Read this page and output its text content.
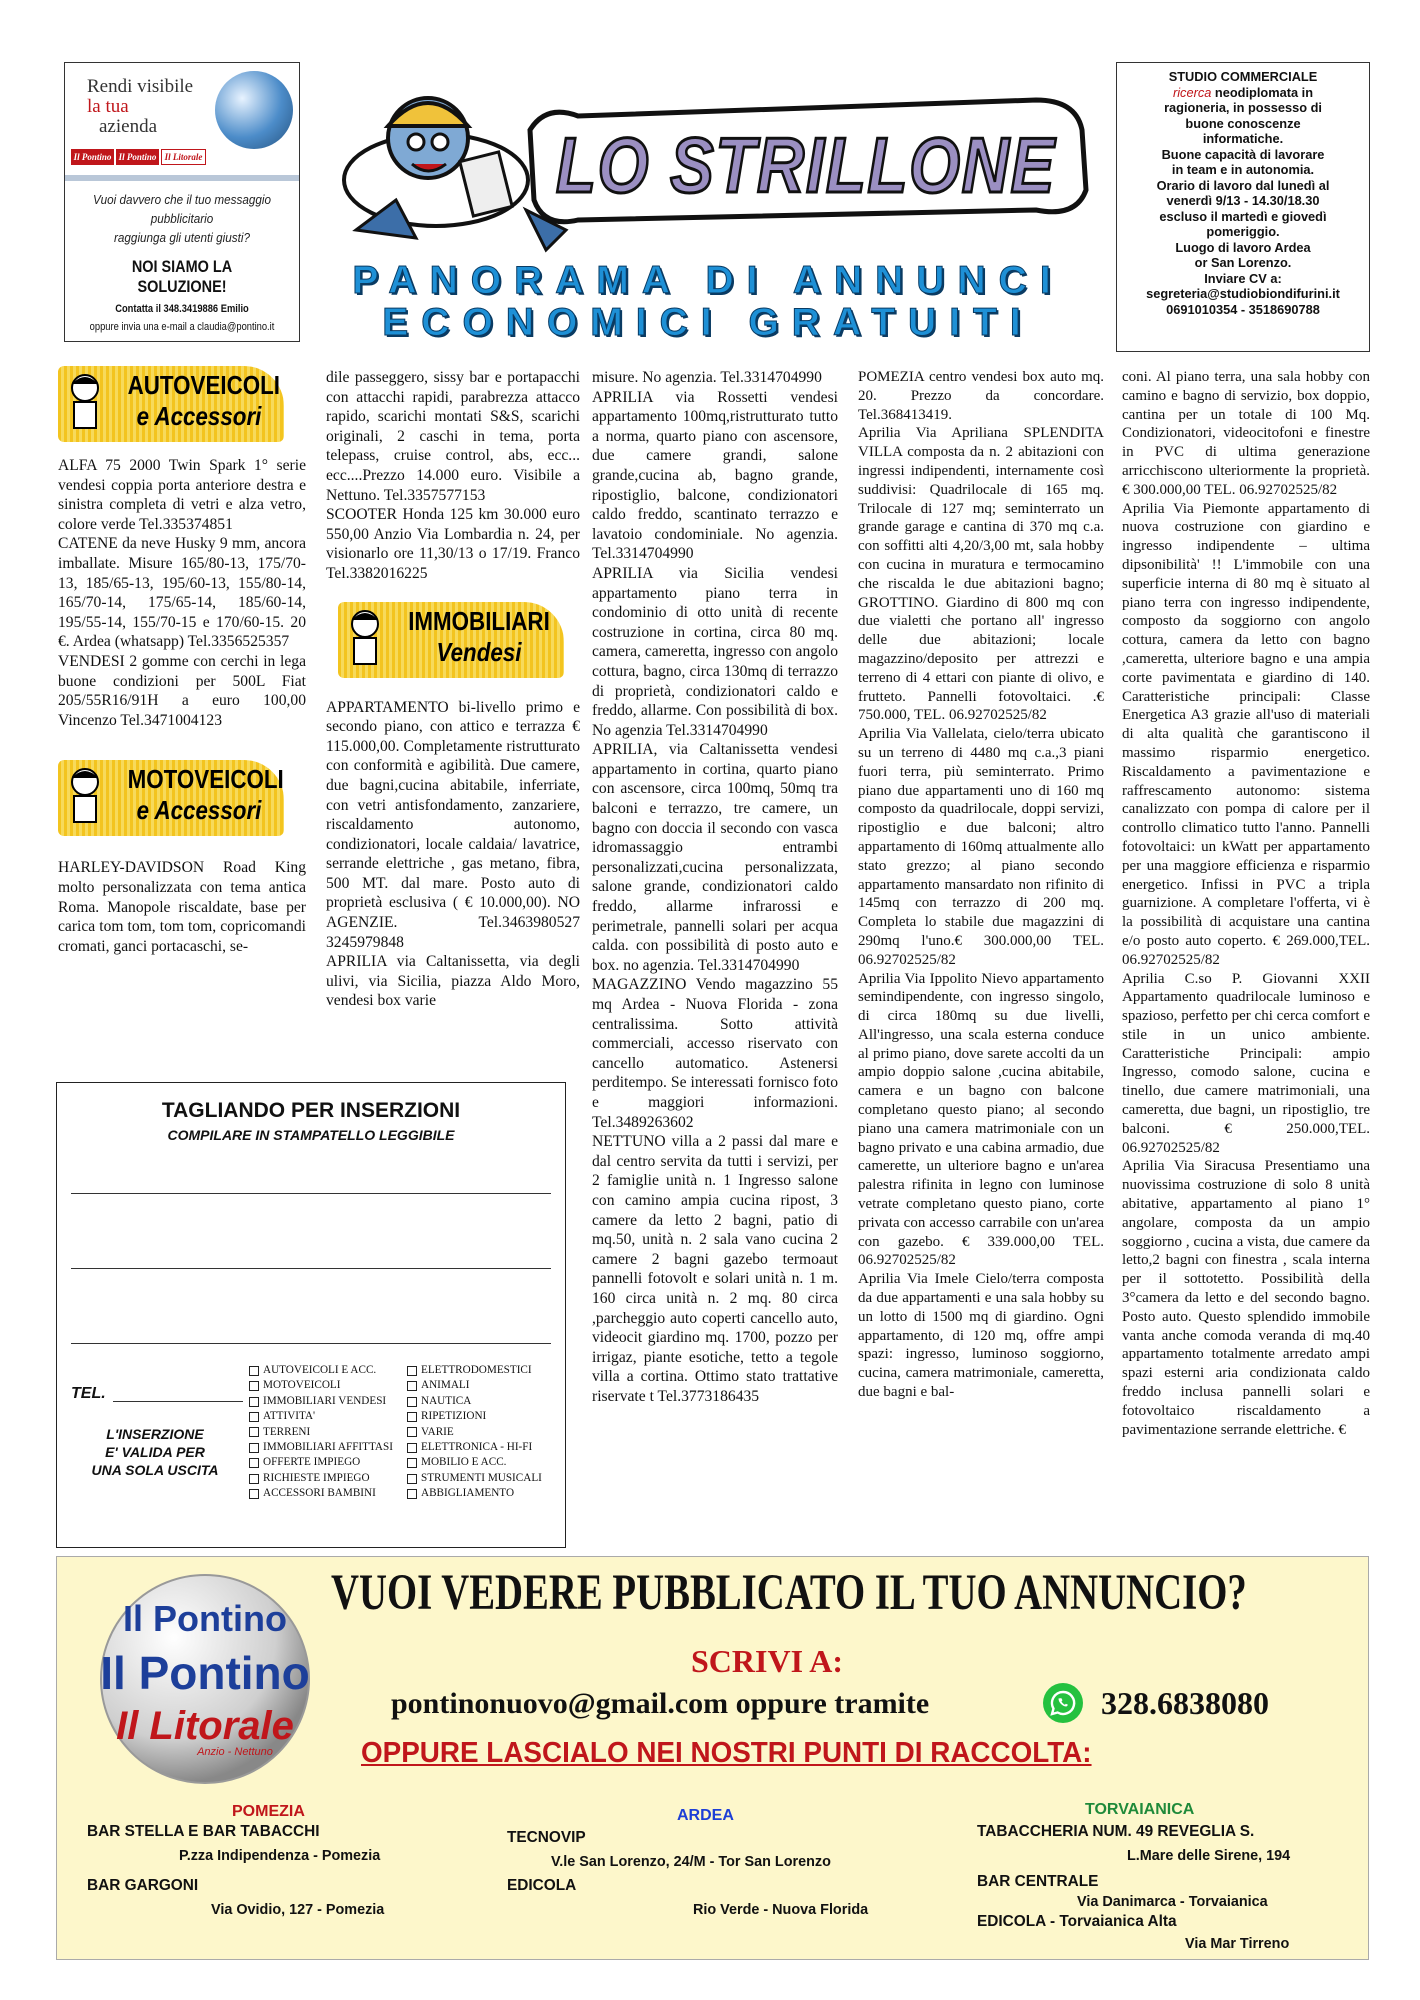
Rendi visibile
la tua
azienda
Il Pontino Il Pontino Il Litorale
Vuoi davvero che il tuo messaggio pubblicitario
raggiunga gli utenti giusti?
NOI SIAMO LA SOLUZIONE!
Contatta il 348.3419886 Emilio
oppure invia una e-mail a claudia@pontino.it
LO STRILLONE
PANORAMA DI ANNUNCI
ECONOMICI GRATUITI
STUDIO COMMERCIALE
ricerca neodiplomata in
ragioneria, in possesso di
buone conoscenze
informatiche.
Buone capacità di lavorare
in team e in autonomia.
Orario di lavoro dal lunedì al
venerdì 9/13 - 14.30/18.30
escluso il martedì e giovedì
pomeriggio.
Luogo di lavoro Ardea
or San Lorenzo.
Inviare CV a:
segreteria@studiobiondifurini.it
0691010354 - 3518690788
AUTOVEICOLI
e Accessori

ALFA 75 2000 Twin Spark 1° serie vendesi coppia porta anteriore destra e sinistra completa di vetri e alza vetro, colore verde Tel.335374851

CATENE da neve Husky 9 mm, ancora imballate. Misure 165/80-13, 175/70-13, 185/65-13, 195/60-13, 155/80-14, 165/70-14, 175/65-14, 185/60-14, 195/55-14, 155/70-15 e 170/60-15. 20 €. Ardea (whatsapp) Tel.3356525357

VENDESI 2 gomme con cerchi in lega buone condizioni per 500L Fiat 205/55R16/91H a euro 100,00 Vincenzo Tel.3471004123

MOTOVEICOLI
e Accessori

HARLEY-DAVIDSON Road King molto personalizzata con tema antica Roma. Manopole riscaldate, base per carica tom tom, tom tom, copricomandi cromati, ganci portacaschi, se-

dile passeggero, sissy bar e portapacchi con attacchi rapidi, parabrezza attacco rapido, scarichi montati S&S, scarichi originali, 2 caschi in tema, porta telepass, cruise control, abs, ecc... ecc....Prezzo 14.000 euro. Visibile a Nettuno. Tel.3357577153

SCOOTER Honda 125 km 30.000 euro 550,00 Anzio Via Lombardia n. 24, per visionarlo ore 11,30/13 o 17/19. Franco Tel.3382016225

IMMOBILIARI
Vendesi

APPARTAMENTO bi-livello primo e secondo piano, con attico e terrazza € 115.000,00. Completamente ristrutturato con conformità e agibilità. Due camere, due bagni,cucina abitabile, inferriate, con vetri antisfondamento, zanzariere, riscaldamento autonomo, condizionatori, locale caldaia/ lavatrice, serrande elettriche , gas metano, fibra, 500 MT. dal mare. Posto auto di proprietà esclusiva ( € 10.000,00). NO AGENZIE. Tel.3463980527 3245979848

APRILIA via Caltanissetta, via degli ulivi, via Sicilia, piazza Aldo Moro, vendesi box varie

misure. No agenzia. Tel.3314704990

APRILIA via Rossetti vendesi appartamento 100mq,ristrutturato tutto a norma, quarto piano con ascensore, due camere grandi, salone grande,cucina ab, bagno grande, ripostiglio, balcone, condizionatori caldo freddo, scantinato terrazzo e lavatoio condominiale. No agenzia. Tel.3314704990

APRILIA via Sicilia vendesi appartamento piano terra in condominio di otto unità di recente costruzione in cortina, circa 80 mq. camera, cameretta, ingresso con angolo cottura, bagno, circa 130mq di terrazzo di proprietà, condizionatori caldo e freddo, allarme. Con possibilità di box. No agenzia Tel.3314704990

APRILIA, via Caltanissetta vendesi appartamento in cortina, quarto piano con ascensore, circa 100mq, 50mq tra balconi e terrazzo, tre camere, un bagno con doccia il secondo con vasca idromassaggio entrambi personalizzati,cucina personalizzata, salone grande, condizionatori caldo freddo, allarme infrarossi e perimetrale, pannelli solari per acqua calda. con possibilità di posto auto e box. no agenzia. Tel.3314704990

MAGAZZINO Vendo magazzino 55 mq Ardea - Nuova Florida - zona centralissima. Sotto attività commerciali, accesso riservato con cancello automatico. Astenersi perditempo. Se interessati fornisco foto e maggiori informazioni. Tel.3489263602

NETTUNO villa a 2 passi dal mare e dal centro servita da tutti i servizi, per 2 famiglie unità n. 1 Ingresso salone con camino ampia cucina ripost, 3 camere da letto 2 bagni, patio di mq.50, unità n. 2 sala vano cucina 2 camere 2 bagni gazebo termoaut pannelli fotovolt e solari unità n. 1 m. 160 circa unità n. 2 mq. 80 circa ,parcheggio auto coperti cancello auto, videocit giardino mq. 1700, pozzo per irrigaz, piante esotiche, tetto a tegole villa a cortina. Ottimo stato trattative riservate t Tel.3773186435

POMEZIA centro vendesi box auto mq. 20. Prezzo da concordare. Tel.368413419.

Aprilia Via Apriliana SPLENDITA VILLA composta da n. 2 abitazioni con ingressi indipendenti, internamente così suddivisi: Quadrilocale di 165 mq. Trilocale di 127 mq; seminterrato un grande garage e cantina di 370 mq c.a. con soffitti alti 4,20/3,00 mt, sala hobby con cucina in muratura e termocamino che riscalda le due abitazioni bagno; GROTTINO. Giardino di 800 mq con due vialetti che portano all' ingresso delle due abitazioni; locale magazzino/deposito per attrezzi e terreno di 4 ettari con piante di olivo, e frutteto. Pannelli fotovoltaici. .€ 750.000, TEL. 06.92702525/82

Aprilia Via Vallelata, cielo/terra ubicato su un terreno di 4480 mq c.a.,3 piani fuori terra, più seminterrato. Primo piano due appartamenti uno di 160 mq composto da quadrilocale, doppi servizi, ripostiglio e due balconi; altro appartamento di 160mq attualmente allo stato grezzo; al piano secondo appartamento mansardato non rifinito di 145mq con terrazzo di 200 mq. Completa lo stabile due magazzini di 290mq l'uno.€ 300.000,00 TEL. 06.92702525/82

Aprilia Via Ippolito Nievo appartamento semindipendente, con ingresso singolo, di circa 180mq su due livelli, All'ingresso, una scala esterna conduce al primo piano, dove sarete accolti da un ampio doppio salone ,cucina abitabile, camera e un bagno con balcone completano questo piano; al secondo piano una camera matrimoniale con un bagno privato e una cabina armadio, due camerette, un ulteriore bagno e un'area palestra rifinita in legno con luminose vetrate completano questo piano, corte privata con accesso carrabile con un'area con gazebo. € 339.000,00 TEL. 06.92702525/82

Aprilia Via Imele Cielo/terra composta da due appartamenti e una sala hobby su un lotto di 1500 mq di giardino. Ogni appartamento, di 120 mq, offre ampi spazi: ingresso, luminoso soggiorno, cucina, camera matrimoniale, cameretta, due bagni e bal-

coni. Al piano terra, una sala hobby con camino e bagno di servizio, box doppio, cantina per un totale di 100 Mq. Condizionatori, videocitofoni e finestre in PVC di ultima generazione arricchiscono ulteriormente la proprietà. € 300.000,00 TEL. 06.92702525/82

Aprilia Via Piemonte appartamento di nuova costruzione con giardino e ingresso indipendente – ultima dipsonibilità' !! L'immobile con una superficie interna di 80 mq è situato al piano terra con ingresso indipendente, composto da soggiorno con angolo cottura, camera da letto con bagno ,cameretta, ulteriore bagno e una ampia corte pavimentata e giardino di 140. Caratteristiche principali: Classe Energetica A3 grazie all'uso di materiali di alta qualità che garantiscono il massimo risparmio energetico. Riscaldamento a pavimentazione e raffrescamento autonomo: sistema canalizzato con pompa di calore per il controllo climatico tutto l'anno. Pannelli fotovoltaici: un kWatt per appartamento per una maggiore efficienza e risparmio energetico. Infissi in PVC a tripla guarnizione. A completare l'offerta, vi è la possibilità di acquistare una cantina e/o posto auto coperto. € 269.000,TEL. 06.92702525/82

Aprilia C.so P. Giovanni XXII Appartamento quadrilocale luminoso e spazioso, perfetto per chi cerca comfort e stile in un unico ambiente. Caratteristiche Principali: ampio Ingresso, comodo salone, cucina e tinello, due camere matrimoniali, una cameretta, due bagni, un ripostiglio, tre balconi. € 250.000,TEL. 06.92702525/82

Aprilia Via Siracusa Presentiamo una nuovissima costruzione di solo 8 unità abitative, appartamento al piano 1° angolare, composta da un ampio soggiorno , cucina a vista, due camere da letto,2 bagni con finestra , scala interna per il sottotetto. Possibilità della 3°camera da letto e del secondo bagno. Posto auto. Questo splendido immobile vanta anche comoda veranda di mq.40 appartamento totalmente arredato ampi spazi esterni aria condizionata caldo freddo inclusa pannelli solari e fotovoltaico riscaldamento a pavimentazione serrande elettriche. €

TAGLIANDO PER INSERZIONI
COMPILARE IN STAMPATELLO LEGGIBILE
TEL.
L'INSERZIONE
E' VALIDA PER
UNA SOLA USCITA
AUTOVEICOLI E ACC.
MOTOVEICOLI
IMMOBILIARI VENDESI
ATTIVITA'
TERRENI
IMMOBILIARI AFFITTASI
OFFERTE IMPIEGO
RICHIESTE IMPIEGO
ACCESSORI BAMBINI
ELETTRODOMESTICI
ANIMALI
NAUTICA
RIPETIZIONI
VARIE
ELETTRONICA - HI-FI
MOBILIO E ACC.
STRUMENTI MUSICALI
ABBIGLIAMENTO
Il Pontino
Il Pontino
Il Litorale
Anzio - Nettuno
VUOI VEDERE PUBBLICATO IL TUO ANNUNCIO?
SCRIVI A:
pontinonuovo@gmail.com oppure tramite	328.6838080
OPPURE LASCIALO NEI NOSTRI PUNTI DI RACCOLTA:
POMEZIA
BAR STELLA E BAR TABACCHI
P.zza Indipendenza - Pomezia
BAR GARGONI
Via Ovidio, 127 - Pomezia
ARDEA
TECNOVIP
V.le San Lorenzo, 24/M - Tor San Lorenzo
EDICOLA
Rio Verde - Nuova Florida
TORVAIANICA
TABACCHERIA NUM. 49 REVEGLIA S.
L.Mare delle Sirene, 194
BAR CENTRALE
Via Danimarca - Torvaianica
EDICOLA - Torvaianica Alta
Via Mar Tirreno
